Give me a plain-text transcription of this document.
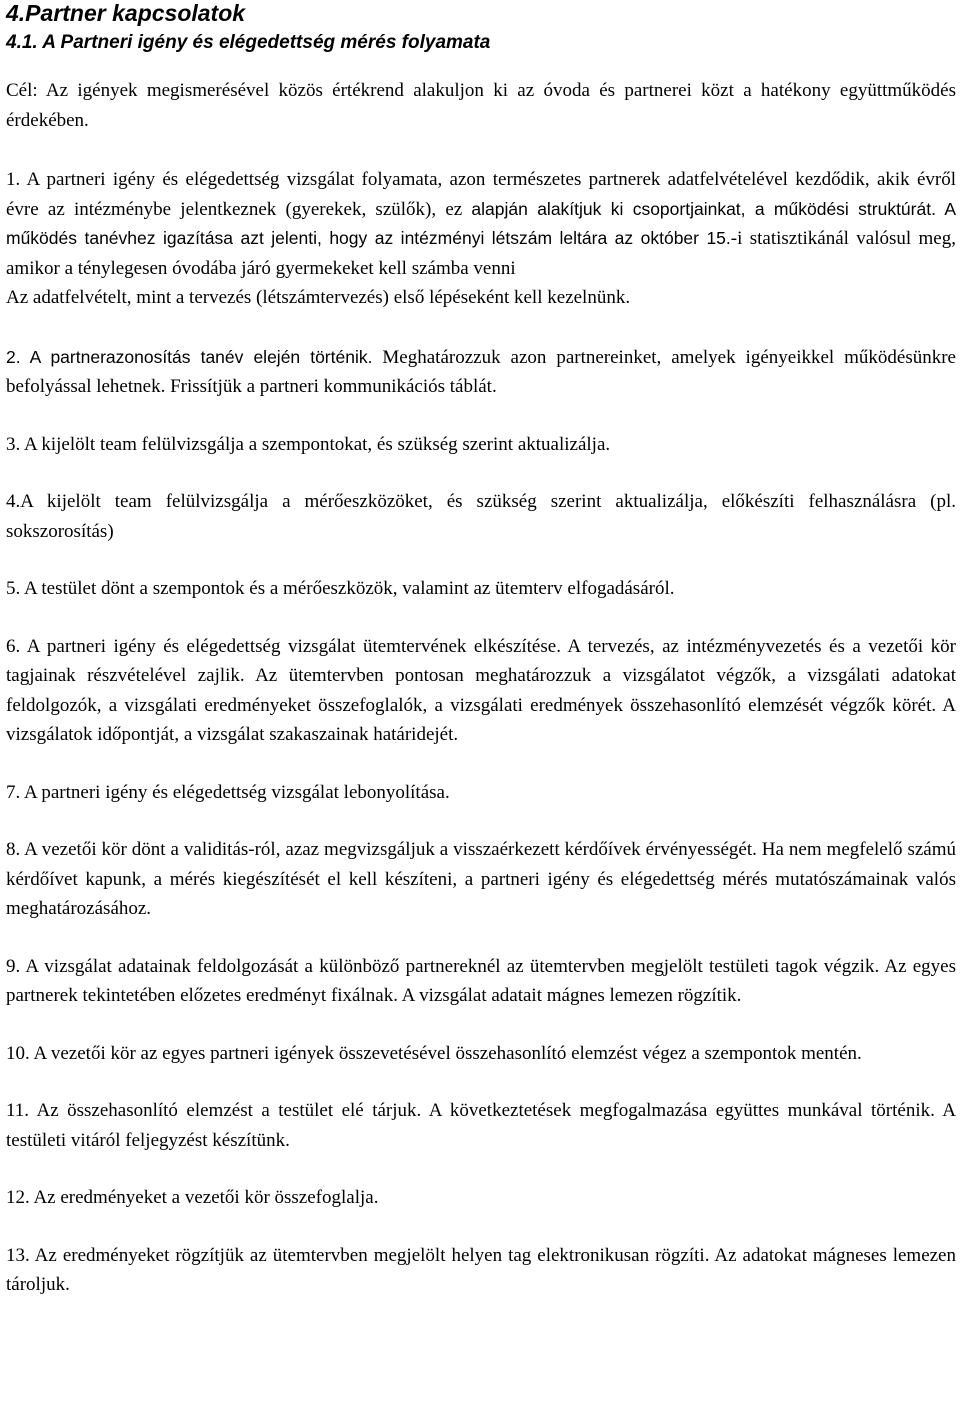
4.Partner kapcsolatok
4.1. A Partneri igény és elégedettség mérés folyamata

Cél: Az igények megismerésével közös értékrend alakuljon ki az óvoda és partnerei közt a hatékony együttműködés érdekében.

1. A partneri igény és elégedettség vizsgálat folyamata, azon természetes partnerek adatfelvételével kezdődik, akik évről évre az intézménybe jelentkeznek (gyerekek, szülők), ez alapján alakítjuk ki csoportjainkat, a működési struktúrát. A működés tanévhez igazítása azt jelenti, hogy az intézményi létszám leltára az október 15.-i statisztikánál valósul meg, amikor a ténylegesen óvodába járó gyermekeket kell számba venni
Az adatfelvételt, mint a tervezés (létszámtervezés) első lépéseként kell kezelnünk.

2. A partnerazonosítás tanév elején történik. Meghatározzuk azon partnereinket, amelyek igényeikkel működésünkre befolyással lehetnek. Frissítjük a partneri kommunikációs táblát.

3. A kijelölt team felülvizsgálja a szempontokat, és szükség szerint aktualizálja.

4.A kijelölt team felülvizsgálja a mérőeszközöket, és szükség szerint aktualizálja, előkészíti felhasználásra (pl. sokszorosítás)

5. A testület dönt a szempontok és a mérőeszközök, valamint az ütemterv elfogadásáról.

6. A partneri igény és elégedettség vizsgálat ütemtervének elkészítése. A tervezés, az intézményvezetés és a vezetői kör tagjainak részvételével zajlik. Az ütemtervben pontosan meghatározzuk a vizsgálatot végzők, a vizsgálati adatokat feldolgozók, a vizsgálati eredményeket összefoglalók, a vizsgálati eredmények összehasonlító elemzését végzők körét. A vizsgálatok időpontját, a vizsgálat szakaszainak határidejét.

7. A partneri igény és elégedettség vizsgálat lebonyolítása.

8. A vezetői kör dönt a validitás-ról, azaz megvizsgáljuk a visszaérkezett kérdőívek érvényességét. Ha nem megfelelő számú kérdőívet kapunk, a mérés kiegészítését el kell készíteni, a partneri igény és elégedettség mérés mutatószámainak valós meghatározásához.

9. A vizsgálat adatainak feldolgozását a különböző partnereknél az ütemtervben megjelölt testületi tagok végzik. Az egyes partnerek tekintetében előzetes eredményt fixálnak. A vizsgálat adatait mágnes lemezen rögzítik.

10. A vezetői kör az egyes partneri igények összevetésével összehasonlító elemzést végez a szempontok mentén.

11. Az összehasonlító elemzést a testület elé tárjuk. A következtetések megfogalmazása együttes munkával történik. A testületi vitáról feljegyzést készítünk.

12. Az eredményeket a vezetői kör összefoglalja.

13. Az eredményeket rögzítjük az ütemtervben megjelölt helyen tag elektronikusan rögzíti. Az adatokat mágneses lemezen tároljuk.
